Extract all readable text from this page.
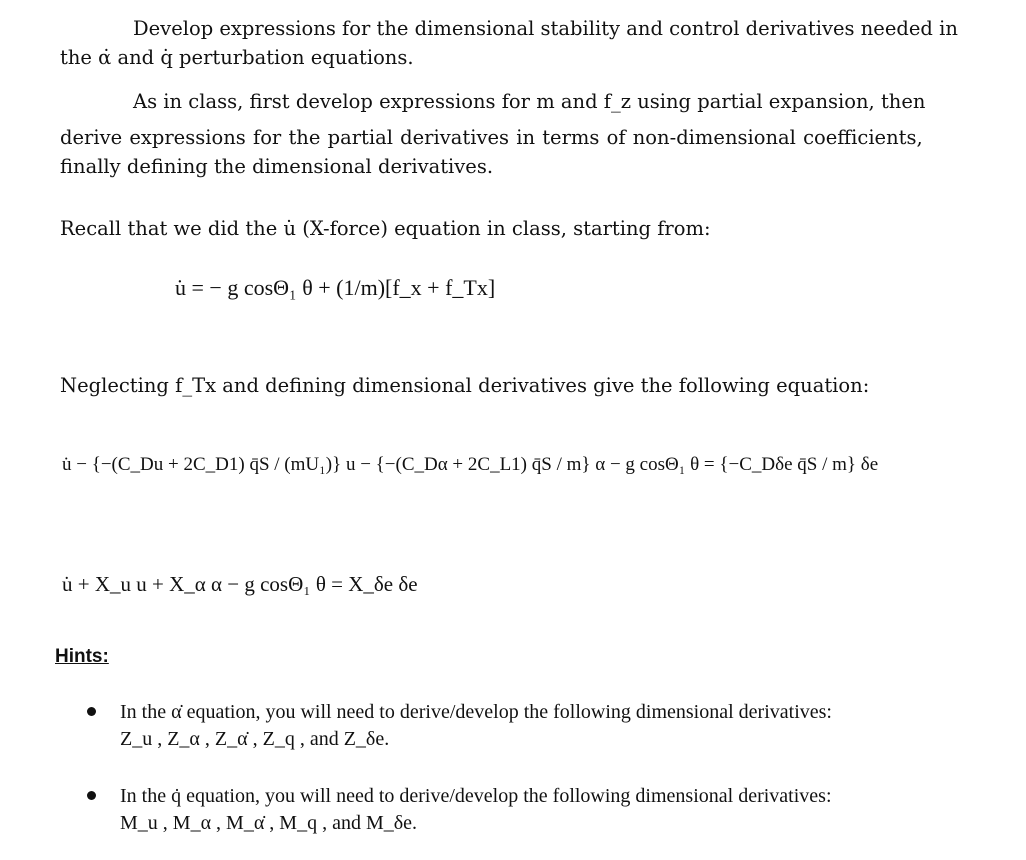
Develop expressions for the dimensional stability and control derivatives needed in
the α̇ and q̇ perturbation equations.
As in class, first develop expressions for m and f_z using partial expansion, then
derive expressions for the partial derivatives in terms of non-dimensional coefficients,
finally defining the dimensional derivatives.
Recall that we did the u̇ (X-force) equation in class, starting from:
u̇ = − g cosΘ₁ θ + (1/m)[f_x + f_Tx]
Neglecting f_Tx and defining dimensional derivatives give the following equation:
u̇ − {−(C_Du + 2C_D1) q̄S / (mU₁)} u − {−(C_Dα + 2C_L1) q̄S / m} α − g cosΘ₁ θ = {−C_Dδe q̄S / m} δe
u̇ + X_u u + X_α α − g cosΘ₁ θ = X_δe δe
Hints:
In the α̇ equation, you will need to derive/develop the following dimensional derivatives:
Z_u , Z_α , Z_α̇ , Z_q , and Z_δe.
In the q̇ equation, you will need to derive/develop the following dimensional derivatives:
M_u , M_α , M_α̇ , M_q , and M_δe.
